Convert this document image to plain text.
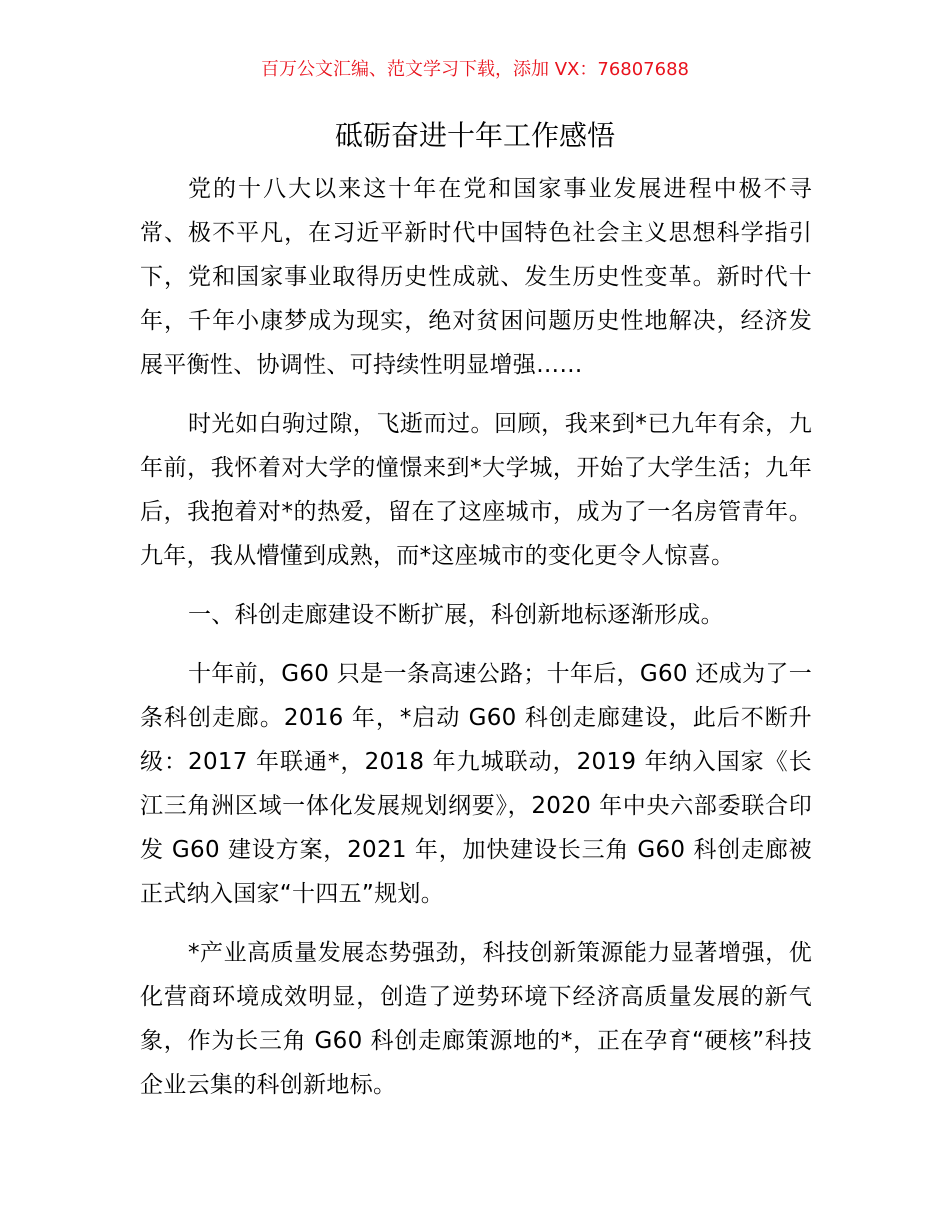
百万公文汇编、范文学习下载，添加 VX：76807688
砥砺奋进十年工作感悟

党的十八大以来这十年在党和国家事业发展进程中极不寻常、极不平凡，在习近平新时代中国特色社会主义思想科学指引下，党和国家事业取得历史性成就、发生历史性变革。新时代十年，千年小康梦成为现实，绝对贫困问题历史性地解决，经济发展平衡性、协调性、可持续性明显增强……

时光如白驹过隙，飞逝而过。回顾，我来到*已九年有余，九年前，我怀着对大学的憧憬来到*大学城，开始了大学生活；九年后，我抱着对*的热爱，留在了这座城市，成为了一名房管青年。九年，我从懵懂到成熟，而*这座城市的变化更令人惊喜。

一、科创走廊建设不断扩展，科创新地标逐渐形成。

十年前，G60 只是一条高速公路；十年后，G60 还成为了一条科创走廊。2016 年，*启动 G60 科创走廊建设，此后不断升级：2017 年联通*，2018 年九城联动，2019 年纳入国家《长江三角洲区域一体化发展规划纲要》，2020 年中央六部委联合印发 G60 建设方案，2021 年，加快建设长三角 G60 科创走廊被正式纳入国家“十四五”规划。

*产业高质量发展态势强劲，科技创新策源能力显著增强，优化营商环境成效明显，创造了逆势环境下经济高质量发展的新气象，作为长三角 G60 科创走廊策源地的*，正在孕育“硬核”科技企业云集的科创新地标。
